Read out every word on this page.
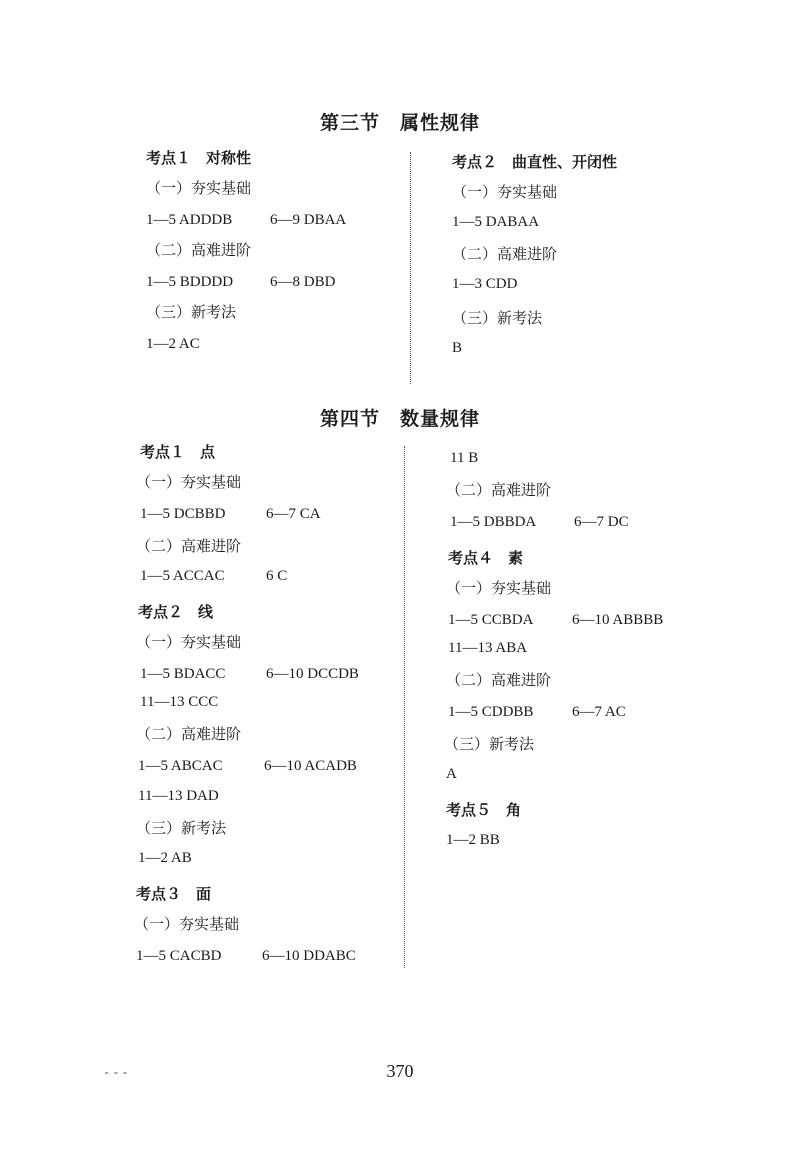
第三节　属性规律
考点１　对称性
（一）夯实基础
1—5 ADDDB	6—9 DBAA
（二）高难进阶
1—5 BDDDD 6—8 DBD
（三）新考法
1—2 AC
考点２　曲直性、开闭性
（一）夯实基础
1—5 DABAA
（二）高难进阶
1—3 CDD
（三）新考法
B
第四节　数量规律
考点１　点
（一）夯实基础
1—5 DCBBD	6—7 CA
（二）高难进阶
1—5 ACCAC	6 C
考点２　线
（一）夯实基础
1—5 BDACC	6—10 DCCDB
11—13 CCC
（二）高难进阶
1—5 ABCAC	6—10 ACADB
11—13 DAD
（三）新考法
1—2 AB
考点３　面
（一）夯实基础
1—5 CACBD	6—10 DDABC
11 B
（二）高难进阶
1—5 DBBDA	6—7 DC
考点４　素
（一）夯实基础
1—5 CCBDA	6—10 ABBBB
11—13 ABA
（二）高难进阶
1—5 CDDBB	6—7 AC
（三）新考法
A
考点５　角
1—2 BB
---	370
